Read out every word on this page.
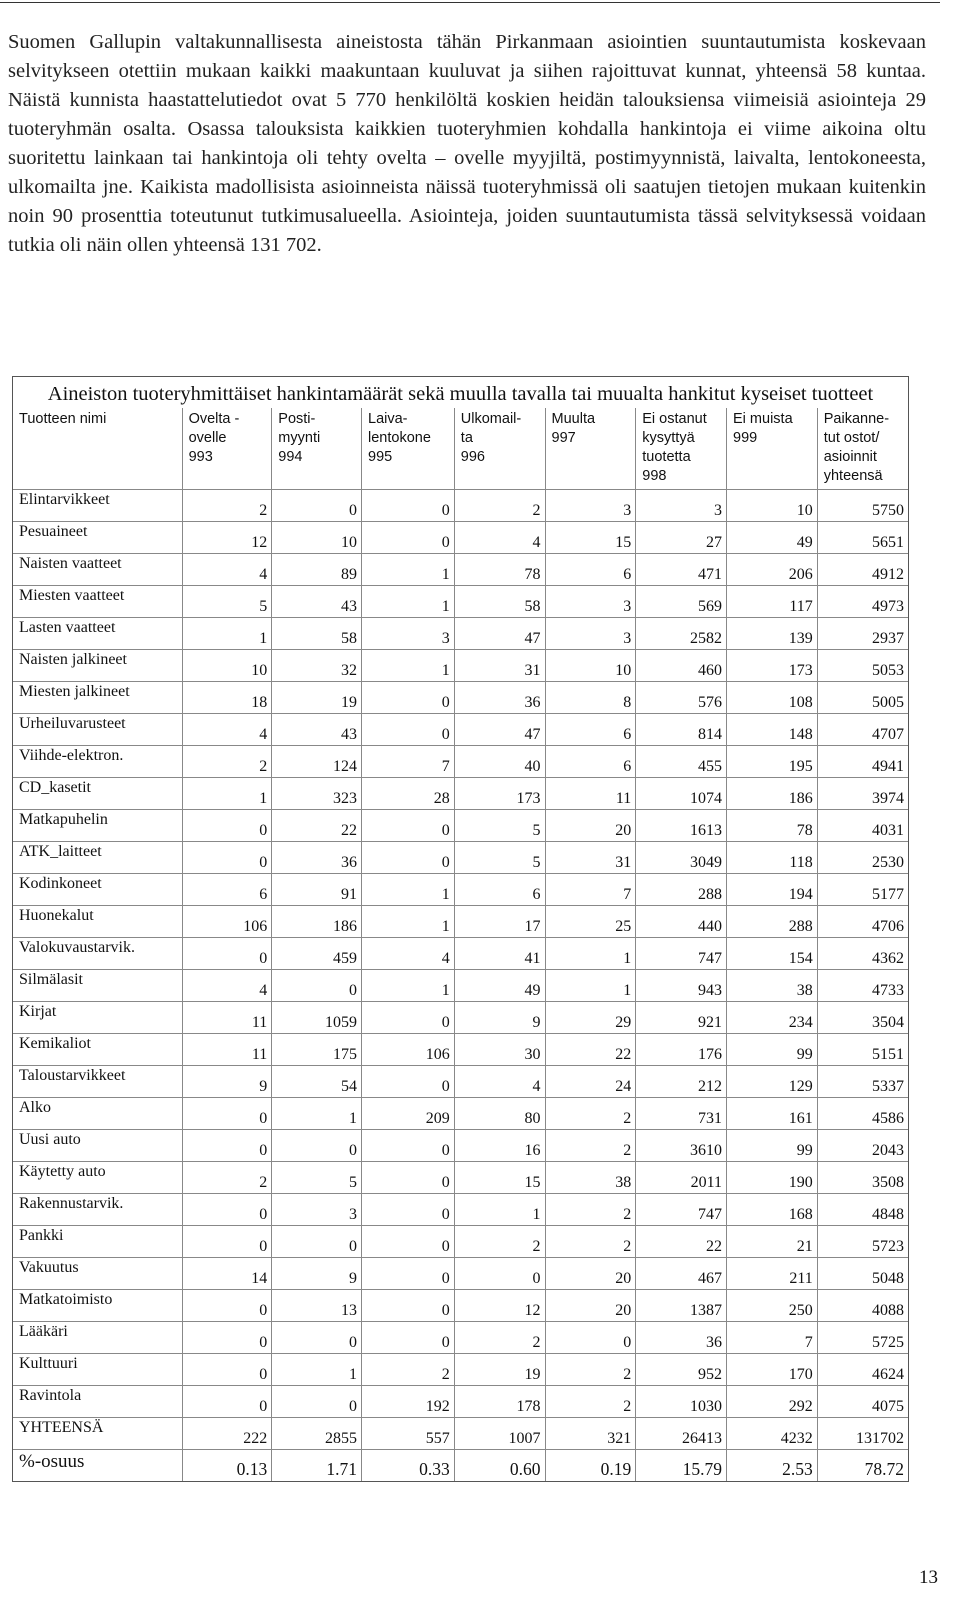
Suomen Gallupin valtakunnallisesta aineistosta tähän Pirkanmaan asiointien suuntautumista koskevaan selvitykseen otettiin mukaan kaikki maakuntaan kuuluvat ja siihen rajoittuvat kunnat, yhteensä 58 kuntaa. Näistä kunnista haastattelutiedot ovat 5 770 henkilöltä koskien heidän talouksiensa viimeisiä asiointeja 29 tuoteryhmän osalta. Osassa talouksista kaikkien tuoteryhmien kohdalla hankintoja ei viime aikoina oltu suoritettu lainkaan tai hankintoja oli tehty ovelta – ovelle myyjiltä, postimyynnistä, laivalta, lentokoneesta, ulkomailta jne. Kaikista madollisista asioinneista näissä tuoteryhmissä oli saatujen tietojen mukaan kuitenkin noin 90 prosenttia toteutunut tutkimusalueella. Asiointeja, joiden suuntautumista tässä selvityksessä voidaan tutkia oli näin ollen yhteensä 131 702.

Aineiston tuoteryhmittäiset hankintamäärät sekä muulla tavalla tai muualta hankitut kyseiset tuotteet
Tuotteen nimi	Ovelta -
ovelle
993	Posti-
myynti
994	Laiva-
lentokone
995	Ulkomail-
ta
996	Muulta
997	Ei ostanut
kysyttyä
tuotetta
998	Ei muista
999	Paikanne-
tut ostot/
asioinnit
yhteensä
Elintarvikkeet	2	0	0	2	3	3	10	5750
Pesuaineet	12	10	0	4	15	27	49	5651
Naisten vaatteet	4	89	1	78	6	471	206	4912
Miesten vaatteet	5	43	1	58	3	569	117	4973
Lasten vaatteet	1	58	3	47	3	2582	139	2937
Naisten jalkineet	10	32	1	31	10	460	173	5053
Miesten jalkineet	18	19	0	36	8	576	108	5005
Urheiluvarusteet	4	43	0	47	6	814	148	4707
Viihde-elektron.	2	124	7	40	6	455	195	4941
CD_kasetit	1	323	28	173	11	1074	186	3974
Matkapuhelin	0	22	0	5	20	1613	78	4031
ATK_laitteet	0	36	0	5	31	3049	118	2530
Kodinkoneet	6	91	1	6	7	288	194	5177
Huonekalut	106	186	1	17	25	440	288	4706
Valokuvaustarvik.	0	459	4	41	1	747	154	4362
Silmälasit	4	0	1	49	1	943	38	4733
Kirjat	11	1059	0	9	29	921	234	3504
Kemikaliot	11	175	106	30	22	176	99	5151
Taloustarvikkeet	9	54	0	4	24	212	129	5337
Alko	0	1	209	80	2	731	161	4586
Uusi auto	0	0	0	16	2	3610	99	2043
Käytetty auto	2	5	0	15	38	2011	190	3508
Rakennustarvik.	0	3	0	1	2	747	168	4848
Pankki	0	0	0	2	2	22	21	5723
Vakuutus	14	9	0	0	20	467	211	5048
Matkatoimisto	0	13	0	12	20	1387	250	4088
Lääkäri	0	0	0	2	0	36	7	5725
Kulttuuri	0	1	2	19	2	952	170	4624
Ravintola	0	0	192	178	2	1030	292	4075
YHTEENSÄ	222	2855	557	1007	321	26413	4232	131702
%-osuus	0.13	1.71	0.33	0.60	0.19	15.79	2.53	78.72
13
